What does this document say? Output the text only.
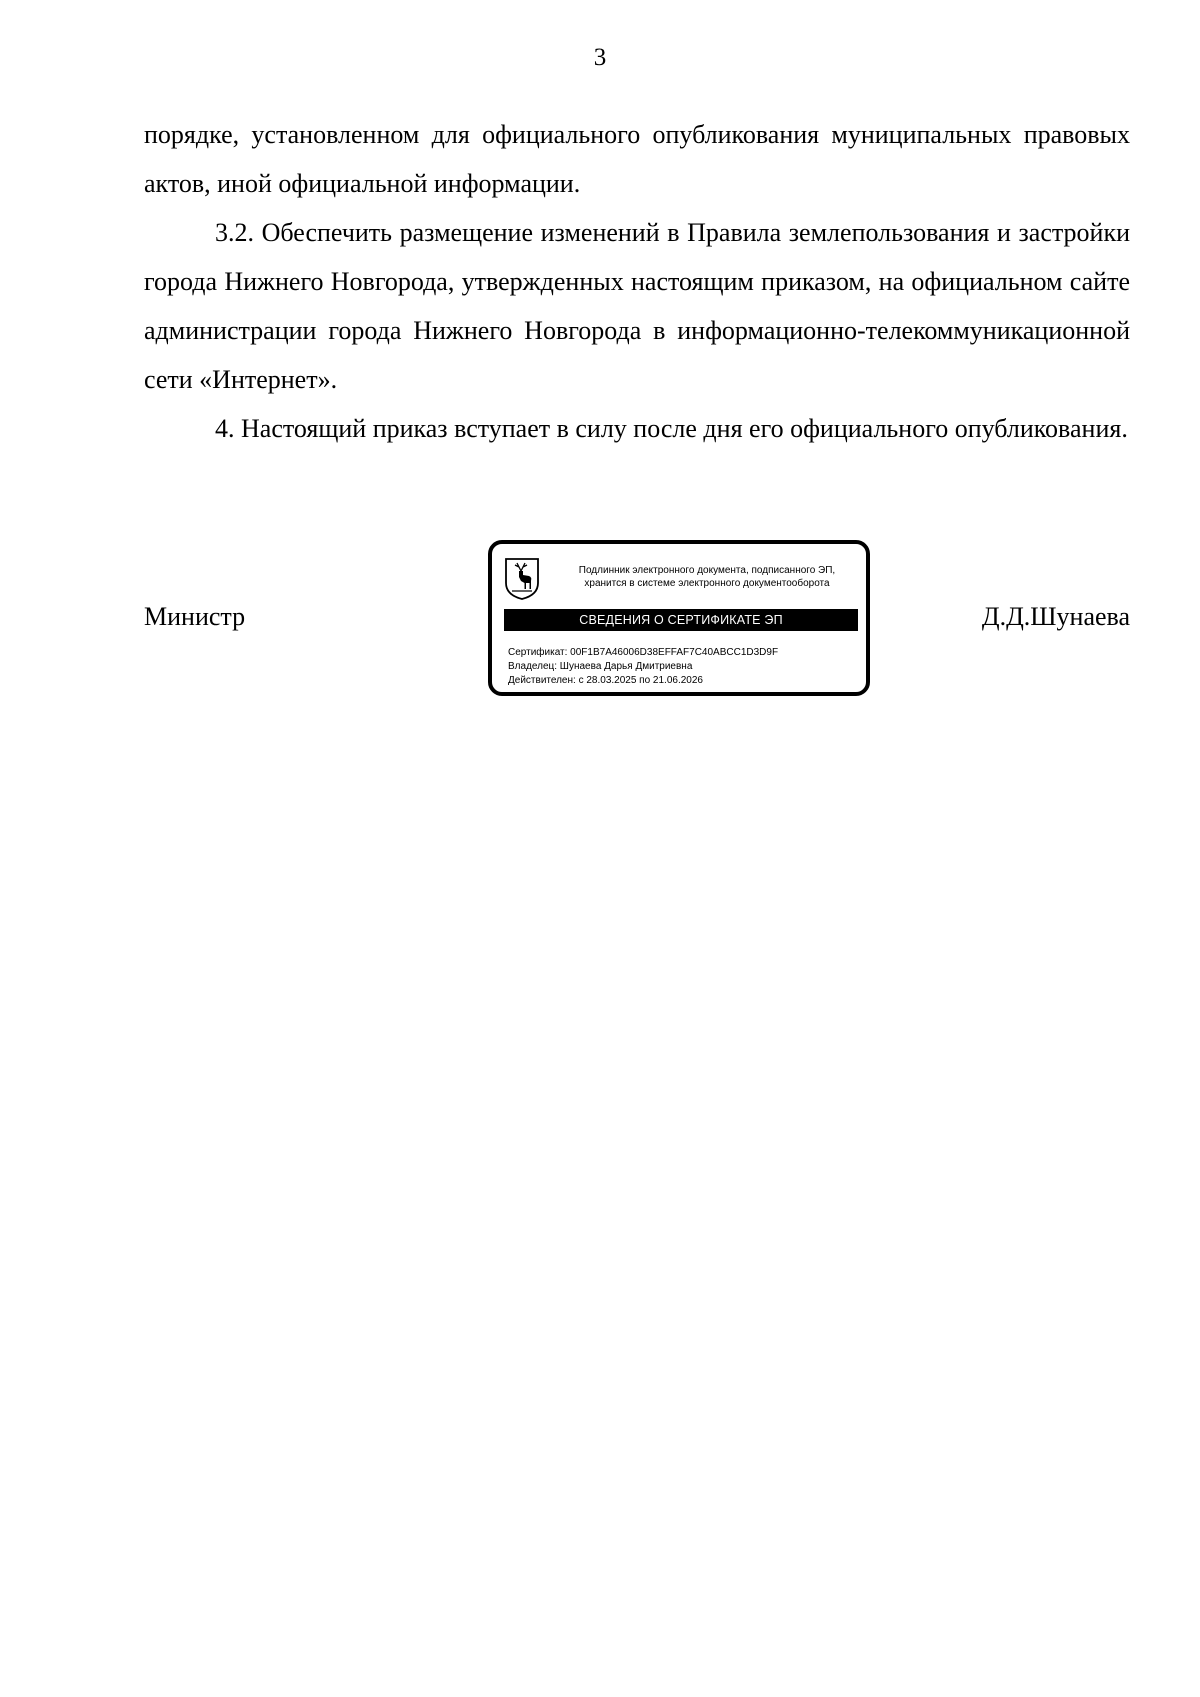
3

порядке, установленном для официального опубликования муниципальных правовых актов, иной официальной информации.

3.2. Обеспечить размещение изменений в Правила землепользования и застройки города Нижнего Новгорода, утвержденных настоящим приказом, на официальном сайте администрации города Нижнего Новгорода в информационно-телекоммуникационной сети «Интернет».

4. Настоящий приказ вступает в силу после дня его официального опубликования.

Министр	Д.Д.Шунаева
Подлинник электронного документа, подписанного ЭП,
хранится в системе электронного документооборота
СВЕДЕНИЯ О СЕРТИФИКАТЕ ЭП
Сертификат: 00F1B7A46006D38EFFAF7C40ABCC1D3D9F
Владелец: Шунаева Дарья Дмитриевна
Действителен: с 28.03.2025 по 21.06.2026
